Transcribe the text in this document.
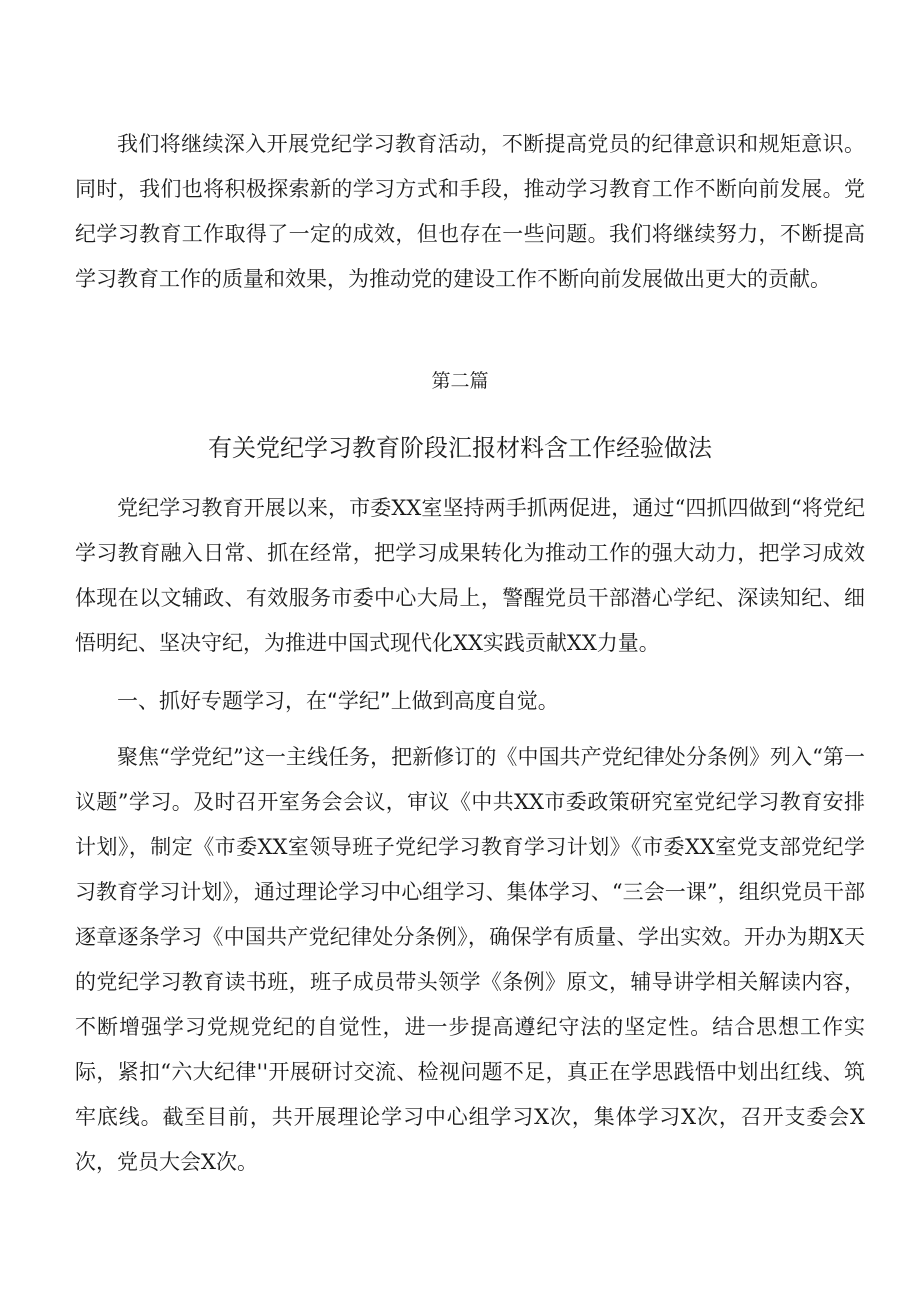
我们将继续深入开展党纪学习教育活动，不断提高党员的纪律意识和规矩意识。同时，我们也将积极探索新的学习方式和手段，推动学习教育工作不断向前发展。党纪学习教育工作取得了一定的成效，但也存在一些问题。我们将继续努力，不断提高学习教育工作的质量和效果，为推动党的建设工作不断向前发展做出更大的贡献。

第二篇

有关党纪学习教育阶段汇报材料含工作经验做法

党纪学习教育开展以来，市委XX室坚持两手抓两促进，通过“四抓四做到“将党纪学习教育融入日常、抓在经常，把学习成果转化为推动工作的强大动力，把学习成效体现在以文辅政、有效服务市委中心大局上，警醒党员干部潜心学纪、深读知纪、细悟明纪、坚决守纪，为推进中国式现代化XX实践贡献XX力量。

一、抓好专题学习，在“学纪”上做到高度自觉。

聚焦“学党纪”这一主线任务，把新修订的《中国共产党纪律处分条例》列入“第一议题”学习。及时召开室务会会议，审议《中共XX市委政策研究室党纪学习教育安排计划》，制定《市委XX室领导班子党纪学习教育学习计划》《市委XX室党支部党纪学习教育学习计划》，通过理论学习中心组学习、集体学习、“三会一课”，组织党员干部逐章逐条学习《中国共产党纪律处分条例》，确保学有质量、学出实效。开办为期X天的党纪学习教育读书班，班子成员带头领学《条例》原文，辅导讲学相关解读内容，不断增强学习党规党纪的自觉性，进一步提高遵纪守法的坚定性。结合思想工作实际，紧扣“六大纪律''开展研讨交流、检视问题不足，真正在学思践悟中划出红线、筑牢底线。截至目前，共开展理论学习中心组学习X次，集体学习X次，召开支委会X次，党员大会X次。
